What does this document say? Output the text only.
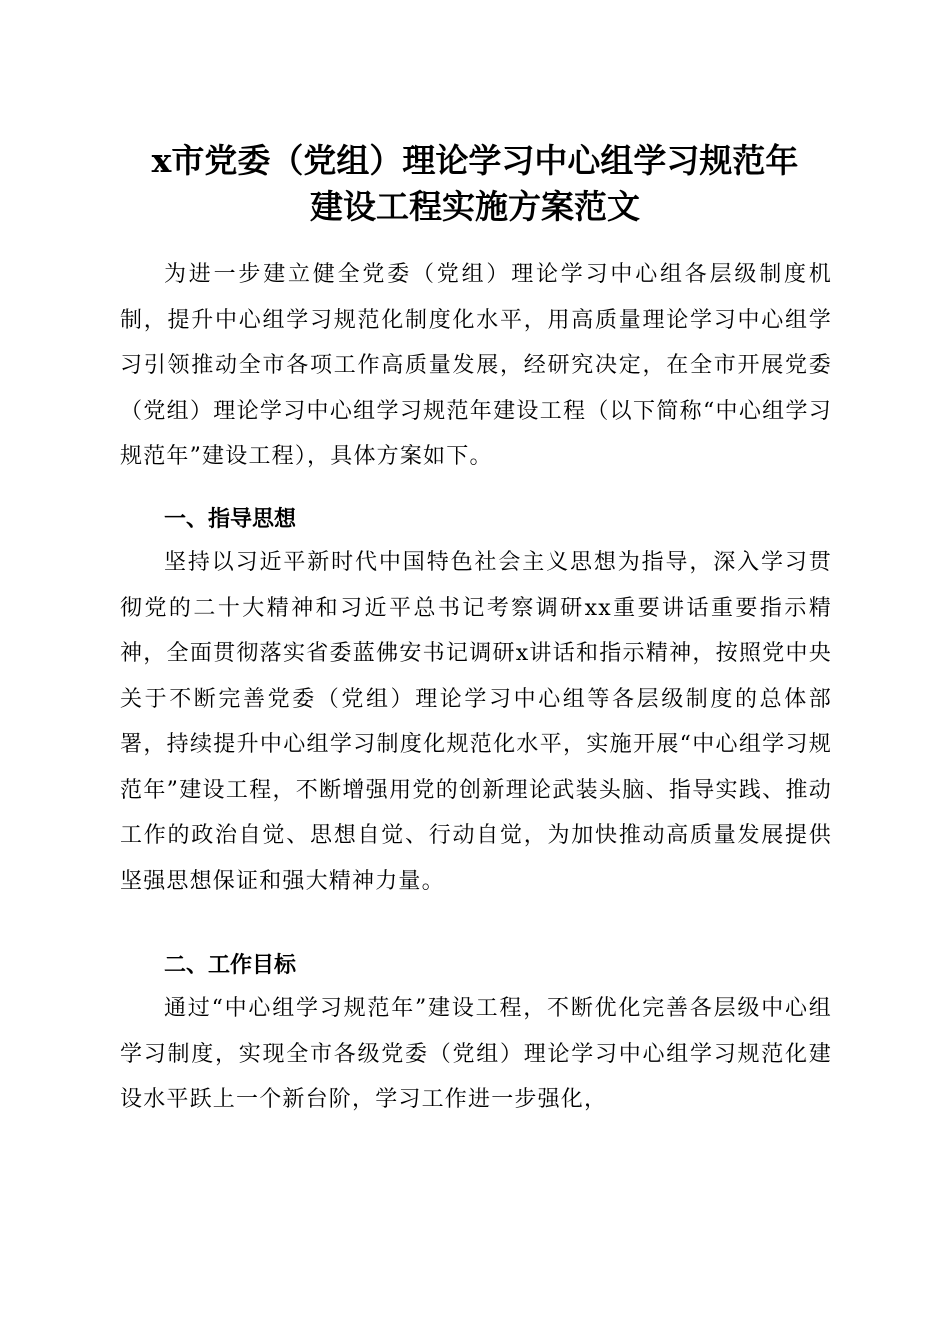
x市党委（党组）理论学习中心组学习规范年
建设工程实施方案范文

为进一步建立健全党委（党组）理论学习中心组各层级制度机制，提升中心组学习规范化制度化水平，用高质量理论学习中心组学习引领推动全市各项工作高质量发展，经研究决定，在全市开展党委（党组）理论学习中心组学习规范年建设工程（以下简称“中心组学习规范年”建设工程），具体方案如下。

一、指导思想

坚持以习近平新时代中国特色社会主义思想为指导，深入学习贯彻党的二十大精神和习近平总书记考察调研xx重要讲话重要指示精神，全面贯彻落实省委蓝佛安书记调研x讲话和指示精神，按照党中央关于不断完善党委（党组）理论学习中心组等各层级制度的总体部署，持续提升中心组学习制度化规范化水平，实施开展“中心组学习规范年”建设工程，不断增强用党的创新理论武装头脑、指导实践、推动工作的政治自觉、思想自觉、行动自觉，为加快推动高质量发展提供坚强思想保证和强大精神力量。

二、工作目标

通过“中心组学习规范年”建设工程，不断优化完善各层级中心组学习制度，实现全市各级党委（党组）理论学习中心组学习规范化建设水平跃上一个新台阶，学习工作进一步强化，
